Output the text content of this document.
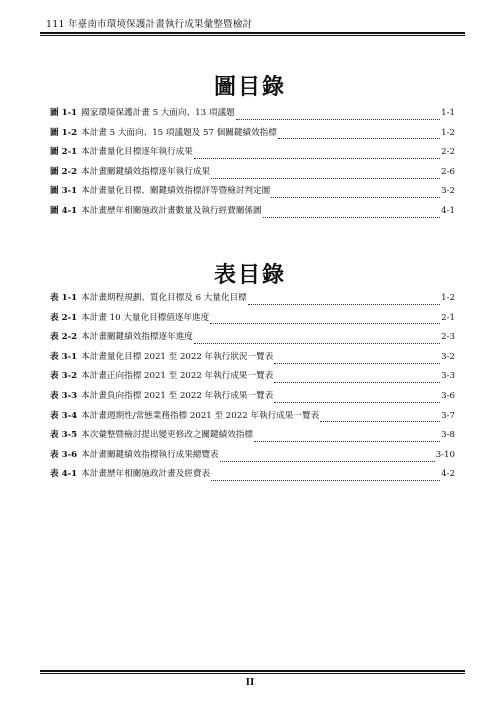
111 年臺南市環境保護計畫執行成果彙整暨檢討
圖目錄
圖 1-1 國家環境保護計畫 5 大面向、13 項議題	1-1
圖 1-2 本計畫 5 大面向、15 項議題及 57 個關鍵績效指標	1-2
圖 2-1 本計畫量化目標逐年執行成果	2-2
圖 2-2 本計畫關鍵績效指標逐年執行成果	2-6
圖 3-1 本計畫量化目標、關鍵績效指標評等暨檢討判定圖	3-2
圖 4-1 本計畫歷年相關施政計畫數量及執行經費關係圖	4-1
表目錄
表 1-1 本計畫期程規劃、質化目標及 6 大量化目標	1-2
表 2-1 本計畫 10 大量化目標值逐年進度	2-1
表 2-2 本計畫關鍵績效指標逐年進度	2-3
表 3-1 本計畫量化目標 2021 至 2022 年執行狀況一覽表	3-2
表 3-2 本計畫正向指標 2021 至 2022 年執行成果一覽表	3-3
表 3-3 本計畫負向指標 2021 至 2022 年執行成果一覽表	3-6
表 3-4 本計畫週期性/常態業務指標 2021 至 2022 年執行成果一覽表	3-7
表 3-5 本次彙整暨檢討提出變更修改之關鍵績效指標	3-8
表 3-6 本計畫關鍵績效指標執行成果總覽表	3-10
表 4-1 本計畫歷年相關施政計畫及經費表	4-2
II
